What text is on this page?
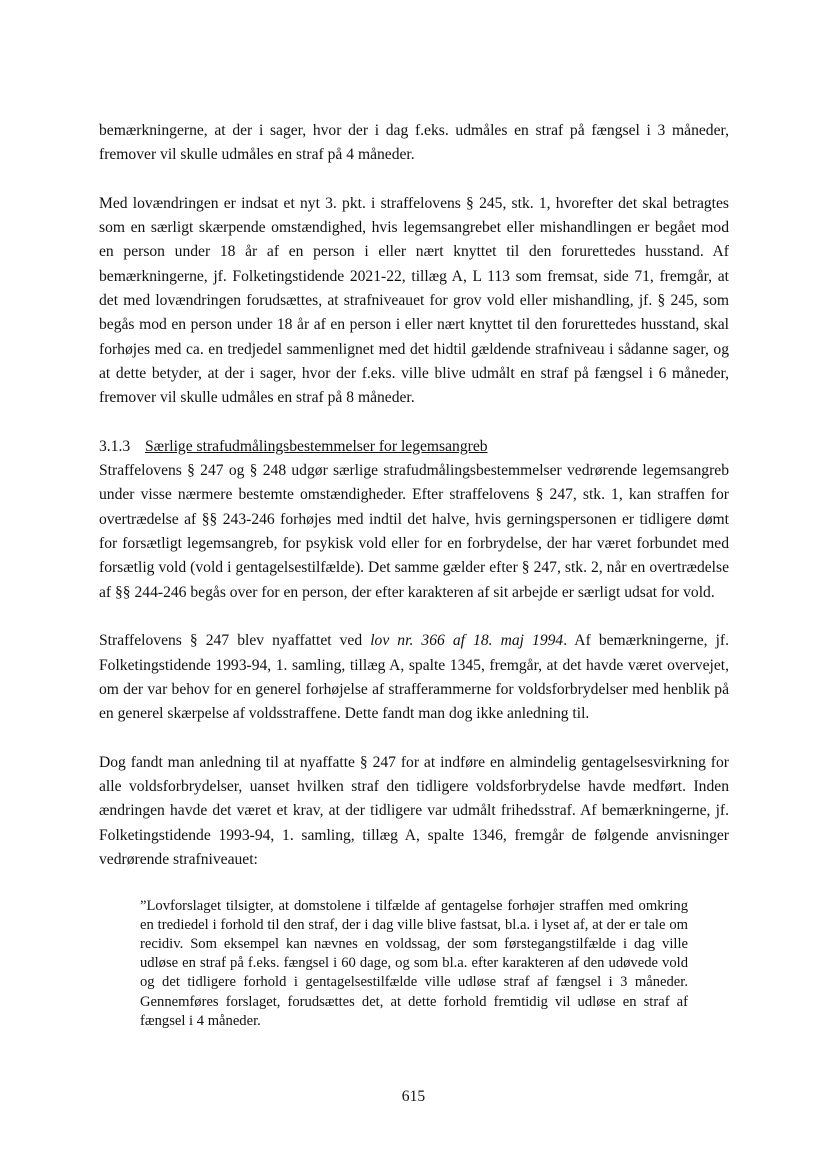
bemærkningerne, at der i sager, hvor der i dag f.eks. udmåles en straf på fængsel i 3 måneder, fremover vil skulle udmåles en straf på 4 måneder.

Med lovændringen er indsat et nyt 3. pkt. i straffelovens § 245, stk. 1, hvorefter det skal betragtes som en særligt skærpende omstændighed, hvis legemsangrebet eller mishandlingen er begået mod en person under 18 år af en person i eller nært knyttet til den forurettedes husstand. Af bemærkningerne, jf. Folketingstidende 2021-22, tillæg A, L 113 som fremsat, side 71, fremgår, at det med lovændringen forudsættes, at strafniveauet for grov vold eller mishandling, jf. § 245, som begås mod en person under 18 år af en person i eller nært knyttet til den forurettedes husstand, skal forhøjes med ca. en tredjedel sammenlignet med det hidtil gældende strafniveau i sådanne sager, og at dette betyder, at der i sager, hvor der f.eks. ville blive udmålt en straf på fængsel i 6 måneder, fremover vil skulle udmåles en straf på 8 måneder.

3.1.3 Særlige strafudmålingsbestemmelser for legemsangreb

Straffelovens § 247 og § 248 udgør særlige strafudmålingsbestemmelser vedrørende legemsangreb under visse nærmere bestemte omstændigheder. Efter straffelovens § 247, stk. 1, kan straffen for overtrædelse af §§ 243-246 forhøjes med indtil det halve, hvis gerningspersonen er tidligere dømt for forsætligt legemsangreb, for psykisk vold eller for en forbrydelse, der har været forbundet med forsætlig vold (vold i gentagelsestilfælde). Det samme gælder efter § 247, stk. 2, når en overtrædelse af §§ 244-246 begås over for en person, der efter karakteren af sit arbejde er særligt udsat for vold.

Straffelovens § 247 blev nyaffattet ved lov nr. 366 af 18. maj 1994. Af bemærkningerne, jf. Folketingstidende 1993-94, 1. samling, tillæg A, spalte 1345, fremgår, at det havde været overvejet, om der var behov for en generel forhøjelse af strafferammerne for voldsforbrydelser med henblik på en generel skærpelse af voldsstraffene. Dette fandt man dog ikke anledning til.

Dog fandt man anledning til at nyaffatte § 247 for at indføre en almindelig gentagelsesvirkning for alle voldsforbrydelser, uanset hvilken straf den tidligere voldsforbrydelse havde medført. Inden ændringen havde det været et krav, at der tidligere var udmålt frihedsstraf. Af bemærkningerne, jf. Folketingstidende 1993-94, 1. samling, tillæg A, spalte 1346, fremgår de følgende anvisninger vedrørende strafniveauet:

”Lovforslaget tilsigter, at domstolene i tilfælde af gentagelse forhøjer straffen med omkring en trediedel i forhold til den straf, der i dag ville blive fastsat, bl.a. i lyset af, at der er tale om recidiv. Som eksempel kan nævnes en voldssag, der som førstegangstilfælde i dag ville udløse en straf på f.eks. fængsel i 60 dage, og som bl.a. efter karakteren af den udøvede vold og det tidligere forhold i gentagelsestilfælde ville udløse straf af fængsel i 3 måneder. Gennemføres forslaget, forudsættes det, at dette forhold fremtidig vil udløse en straf af fængsel i 4 måneder.

615
